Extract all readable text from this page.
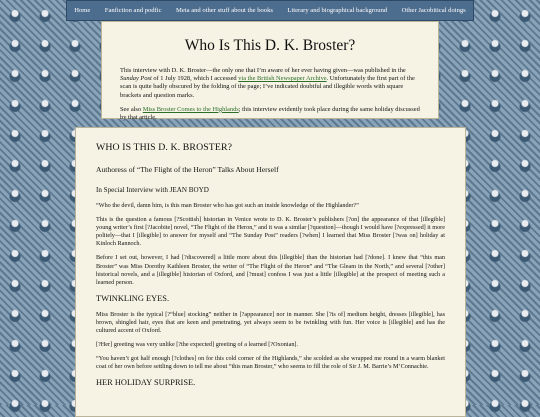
Home	Fanfiction and podfic	Meta and other stuff about the books	Literary and biographical background	Other Jacobitical doings
Who Is This D. K. Broster?

This interview with D. K. Broster—the only one that I’m aware of her ever having given—was published in the Sunday Post of 1 July 1928, which I accessed via the British Newspaper Archive. Unfortunately the first part of the scan is quite badly obscured by the folding of the page; I’ve indicated doubtful and illegible words with square brackets and question marks.

See also Miss Broster Comes to the Highlands; this interview evidently took place during the same holiday discussed by that article.

WHO IS THIS D. K. BROSTER?
Authoress of “The Flight of the Heron” Talks About Herself

In Special Interview with JEAN BOYD

“Who the devil, damn him, is this man Broster who has got such an inside knowledge of the Highlander?”

This is the question a famous [?Scottish] historian in Venice wrote to D. K. Broster’s publishers [?on] the appearance of that [illegible] young writer’s first [?Jacobite] novel, “The Flight of the Heron,” and it was a similar [?question]—though I would have [?expressed] it more politely—that I [illegible] to answer for myself and “The Sunday Post” readers [?when] I learned that Miss Broster [?was on] holiday at Kinloch Rannoch.

Before I set out, however, I had [?discovered] a little more about this [illegible] than the historian had [?done]. I knew that “this man Broster” was Miss Dorothy Kathleen Broster, the writer of “The Flight of the Heron” and “The Gleam in the North,” and several [?other] historical novels, and a [illegible] historian of Oxford, and [?must] confess I was just a little [illegible] at the prospect of meeting such a learned person.

TWINKLING EYES.

Miss Broster is the typical [?“blue] stocking” neither in [?appearance] nor in manner. She [?is of] medium height, dresses [illegible], has brown, shingled hair, eyes that are keen and penetrating, yet always seem to be twinkling with fun. Her voice is [illegible] and has the cultured accent of Oxford.

[?Her] greeting was very unlike [?the expected] greeting of a learned [?Oxonian].

“You haven’t got half enough [?clothes] on for this cold corner of the Highlands,” she scolded as she wrapped me round in a warm blanket coat of her own before settling down to tell me about “this man Broster,” who seems to fill the role of Sir J. M. Barrie’s M’Connachie.

HER HOLIDAY SURPRISE.
